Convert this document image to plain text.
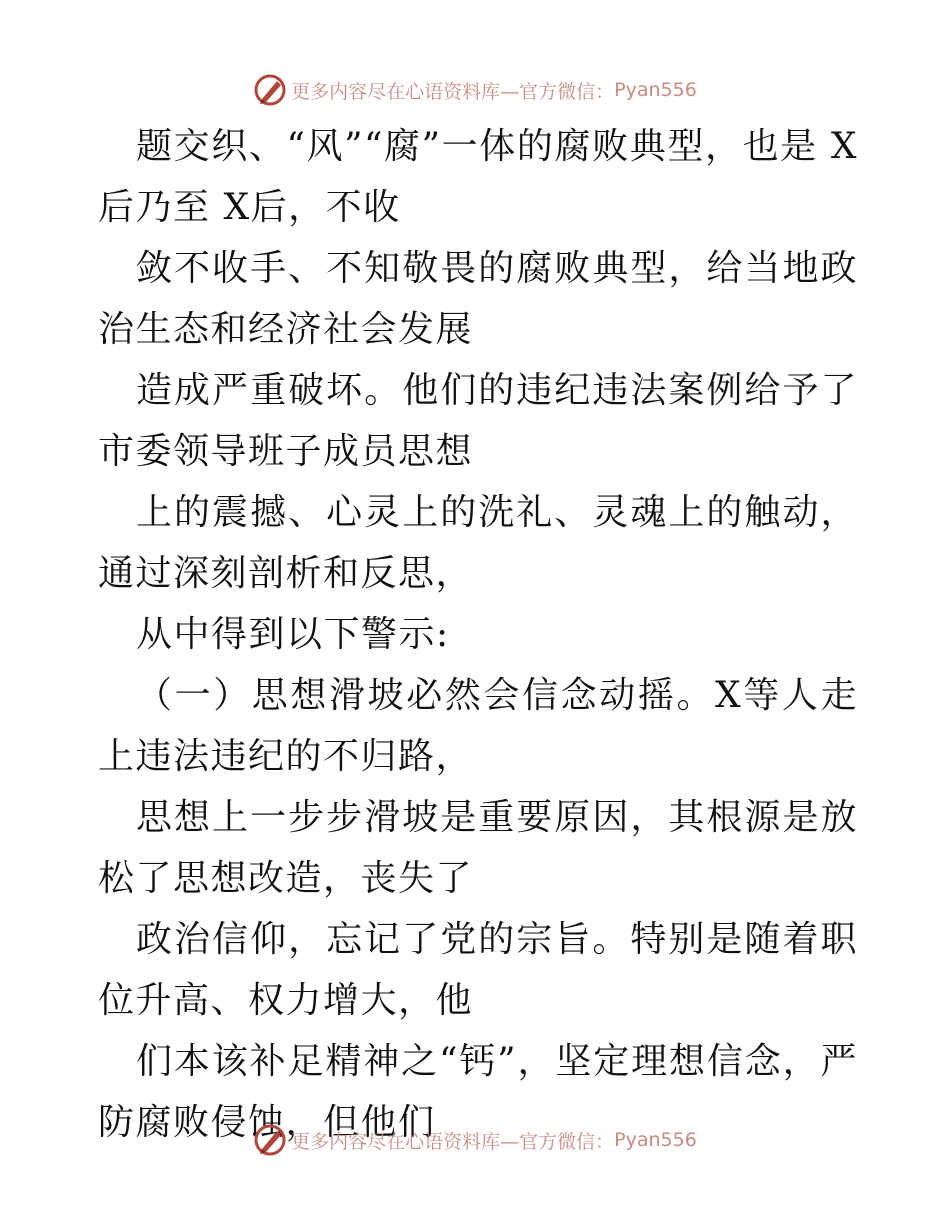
更多内容尽在心语资料库—官方微信： Pyan556

题交织、“风”“腐”一体的腐败典型，也是 X 后乃至 X后，不收

敛不收手、不知敬畏的腐败典型，给当地政治生态和经济社会发展

造成严重破坏。他们的违纪违法案例给予了市委领导班子成员思想

上的震撼、心灵上的洗礼、灵魂上的触动，通过深刻剖析和反思，

从中得到以下警示:

（一）思想滑坡必然会信念动摇。X等人走上违法违纪的不归路，

思想上一步步滑坡是重要原因，其根源是放松了思想改造，丧失了

政治信仰，忘记了党的宗旨。特别是随着职位升高、权力增大，他

们本该补足精神之“钙”，坚定理想信念，严防腐败侵蚀，但他们

更多内容尽在心语资料库—官方微信： Pyan556
